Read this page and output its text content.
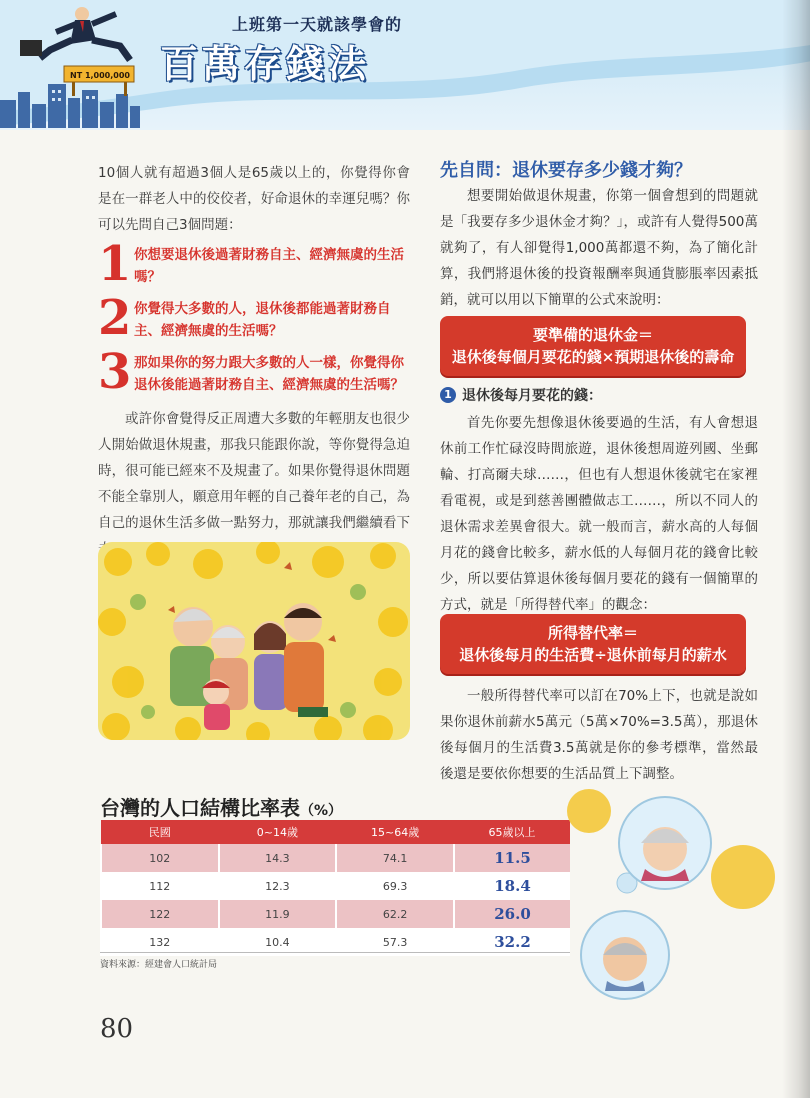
NT 1,000,000
上班第一天就該學會的
百萬存錢法

10個人就有超過3個人是65歲以上的，你覺得你會是在一群老人中的佼佼者，好命退休的幸運兒嗎？你可以先問自己3個問題：

1 你想要退休後過著財務自主、經濟無虞的生活嗎？
2 你覺得大多數的人，退休後都能過著財務自主、經濟無虞的生活嗎？
3 那如果你的努力跟大多數的人一樣，你覺得你退休後能過著財務自主、經濟無虞的生活嗎？

或許你會覺得反正周遭大多數的年輕朋友也很少人開始做退休規畫，那我只能跟你說，等你覺得急迫時，很可能已經來不及規畫了。如果你覺得退休問題不能全靠別人，願意用年輕的自己養年老的自己，為自己的退休生活多做一點努力，那就讓我們繼續看下

先自問：退休要存多少錢才夠？

想要開始做退休規畫，你第一個會想到的問題就是「我要存多少退休金才夠？」，或許有人覺得500萬就夠了，有人卻覺得1,000萬都還不夠，為了簡化計算，我們將退休後的投資報酬率與通貨膨脹率因素抵銷，就可以用以下簡單的公式來說明：

要準備的退休金＝
退休後每個月要花的錢×預期退休後的壽命
1 退休後每月要花的錢：

首先你要先想像退休後要過的生活，有人會想退休前工作忙碌沒時間旅遊，退休後想周遊列國、坐郵輪、打高爾夫球……，但也有人想退休後就宅在家裡看電視，或是到慈善團體做志工……，所以不同人的退休需求差異會很大。就一般而言，薪水高的人每個月花的錢會比較多，薪水低的人每個月花的錢會比較少，所以要估算退休後每個月要花的錢有一個簡單的方式，就是「所得替代率」的觀念：

所得替代率＝
退休後每月的生活費÷退休前每月的薪水

一般所得替代率可以訂在70%上下，也就是說如果你退休前薪水5萬元（5萬×70%=3.5萬），那退休後每個月的生活費3.5萬就是你的參考標準，當然最後還是要依你想要的生活品質上下調整。

台灣的人口結構比率表（%）
民國	0~14歲	15~64歲	65歲以上
102	14.3	74.1	11.5
112	12.3	69.3	18.4
122	11.9	62.2	26.0
132	10.4	57.3	32.2
資料來源：經建會人口統計局
80
